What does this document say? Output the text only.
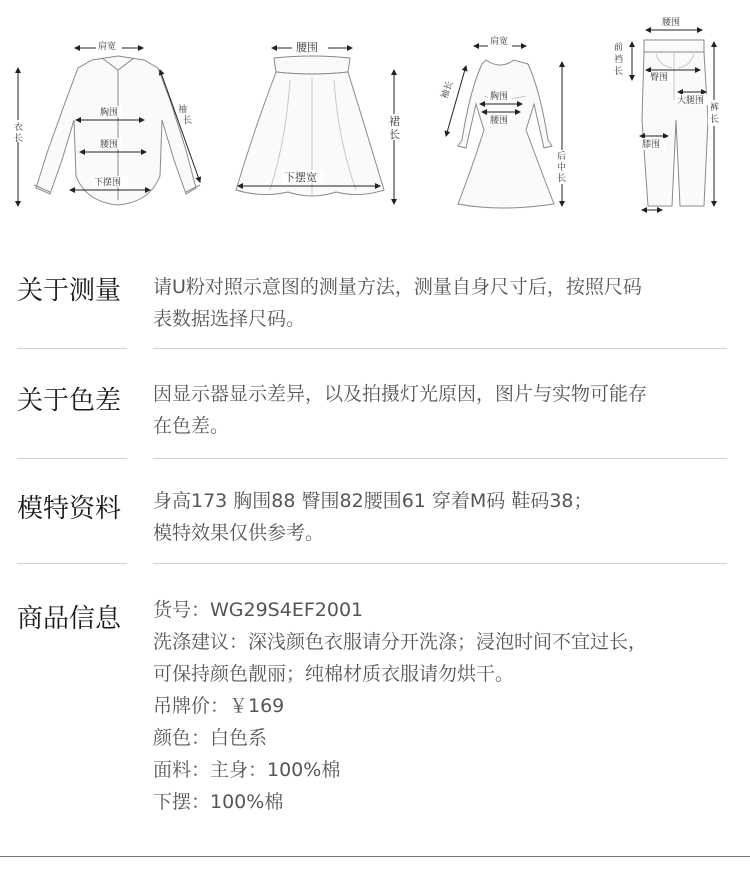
肩宽
衣
长
袖
长
胸围
腰围
下摆围
腰围
裙
长
下摆宽
肩宽
袖长	胸围
腰围
后
中
长
腰围
前
裆
长
臀围
大腿围
裤
长
膝围
关于测量 请U粉对照示意图的测量方法，测量自身尺寸后，按照尺码
表数据选择尺码。
关于色差 因显示器显示差异，以及拍摄灯光原因，图片与实物可能存
在色差。
模特资料 身高173 胸围88 臀围82腰围61 穿着M码 鞋码38；
模特效果仅供参考。
商品信息 货号：WG29S4EF2001
洗涤建议：深浅颜色衣服请分开洗涤；浸泡时间不宜过长，
可保持颜色靓丽；纯棉材质衣服请勿烘干。
吊牌价：￥169
颜色：白色系
面料：主身：100%棉
下摆：100%棉
